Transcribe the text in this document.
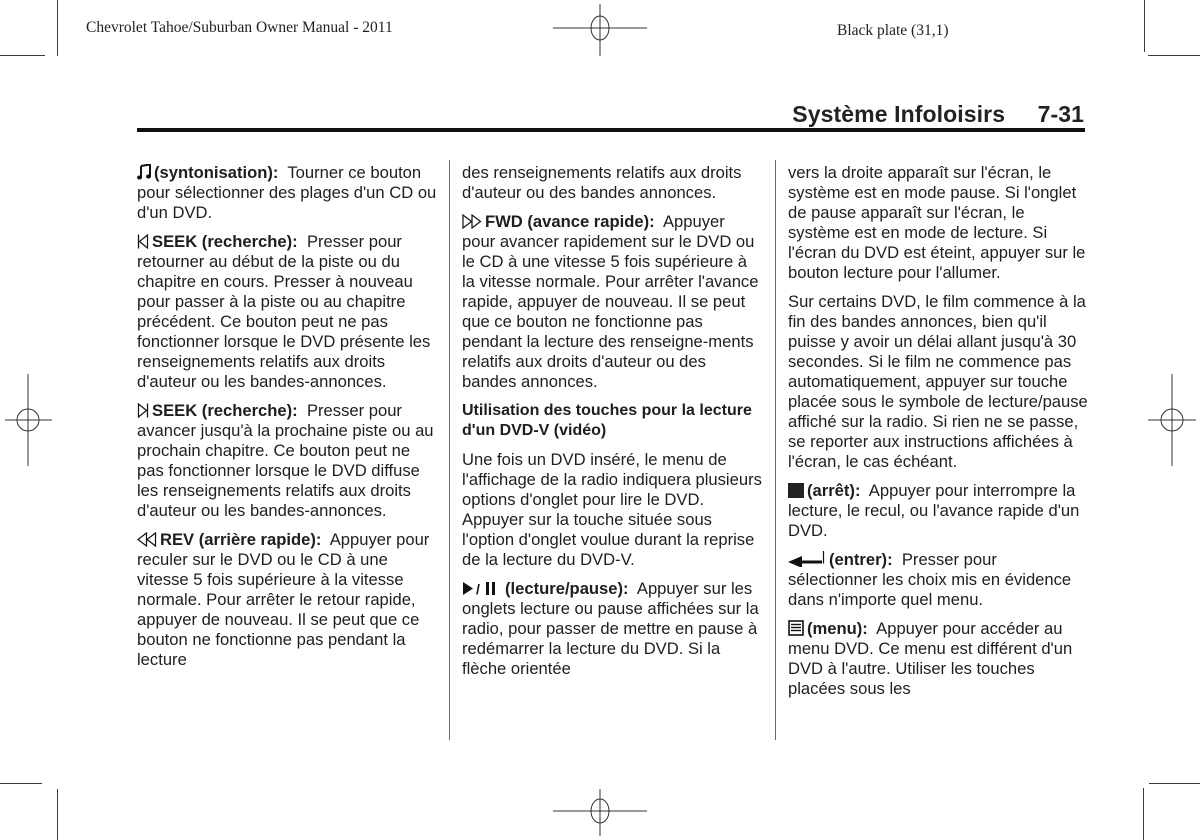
Chevrolet Tahoe/Suburban Owner Manual - 2011	Black plate (31,1)
Système Infoloisirs 7-31

(syntonisation): Tourner ce bouton pour sélectionner des plages d'un CD ou d'un DVD.

SEEK (recherche): Presser pour retourner au début de la piste ou du chapitre en cours. Presser à nouveau pour passer à la piste ou au chapitre précédent. Ce bouton peut ne pas fonctionner lorsque le DVD présente les renseignements relatifs aux droits d'auteur ou les bandes-annonces.

SEEK (recherche): Presser pour avancer jusqu'à la prochaine piste ou au prochain chapitre. Ce bouton peut ne pas fonctionner lorsque le DVD diffuse les renseignements relatifs aux droits d'auteur ou les bandes-annonces.

REV (arrière rapide): Appuyer pour reculer sur le DVD ou le CD à une vitesse 5 fois supérieure à la vitesse normale. Pour arrêter le retour rapide, appuyer de nouveau. Il se peut que ce bouton ne fonctionne pas pendant la lecture

des renseignements relatifs aux droits d'auteur ou des bandes annonces.

FWD (avance rapide): Appuyer pour avancer rapidement sur le DVD ou le CD à une vitesse 5 fois supérieure à la vitesse normale. Pour arrêter l'avance rapide, appuyer de nouveau. Il se peut que ce bouton ne fonctionne pas pendant la lecture des renseigne-ments relatifs aux droits d'auteur ou des bandes annonces.

Utilisation des touches pour la lecture d'un DVD-V (vidéo)

Une fois un DVD inséré, le menu de l'affichage de la radio indiquera plusieurs options d'onglet pour lire le DVD. Appuyer sur la touche située sous l'option d'onglet voulue durant la reprise de la lecture du DVD-V.

/ (lecture/pause): Appuyer sur les onglets lecture ou pause affichées sur la radio, pour passer de mettre en pause à redémarrer la lecture du DVD. Si la flèche orientée

vers la droite apparaît sur l'écran, le système est en mode pause. Si l'onglet de pause apparaît sur l'écran, le système est en mode de lecture. Si l'écran du DVD est éteint, appuyer sur le bouton lecture pour l'allumer.

Sur certains DVD, le film commence à la fin des bandes annonces, bien qu'il puisse y avoir un délai allant jusqu'à 30 secondes. Si le film ne commence pas automatiquement, appuyer sur touche placée sous le symbole de lecture/pause affiché sur la radio. Si rien ne se passe, se reporter aux instructions affichées à l'écran, le cas échéant.

(arrêt): Appuyer pour interrompre la lecture, le recul, ou l'avance rapide d'un DVD.

(entrer): Presser pour sélectionner les choix mis en évidence dans n'importe quel menu.

(menu): Appuyer pour accéder au menu DVD. Ce menu est différent d'un DVD à l'autre. Utiliser les touches placées sous les
